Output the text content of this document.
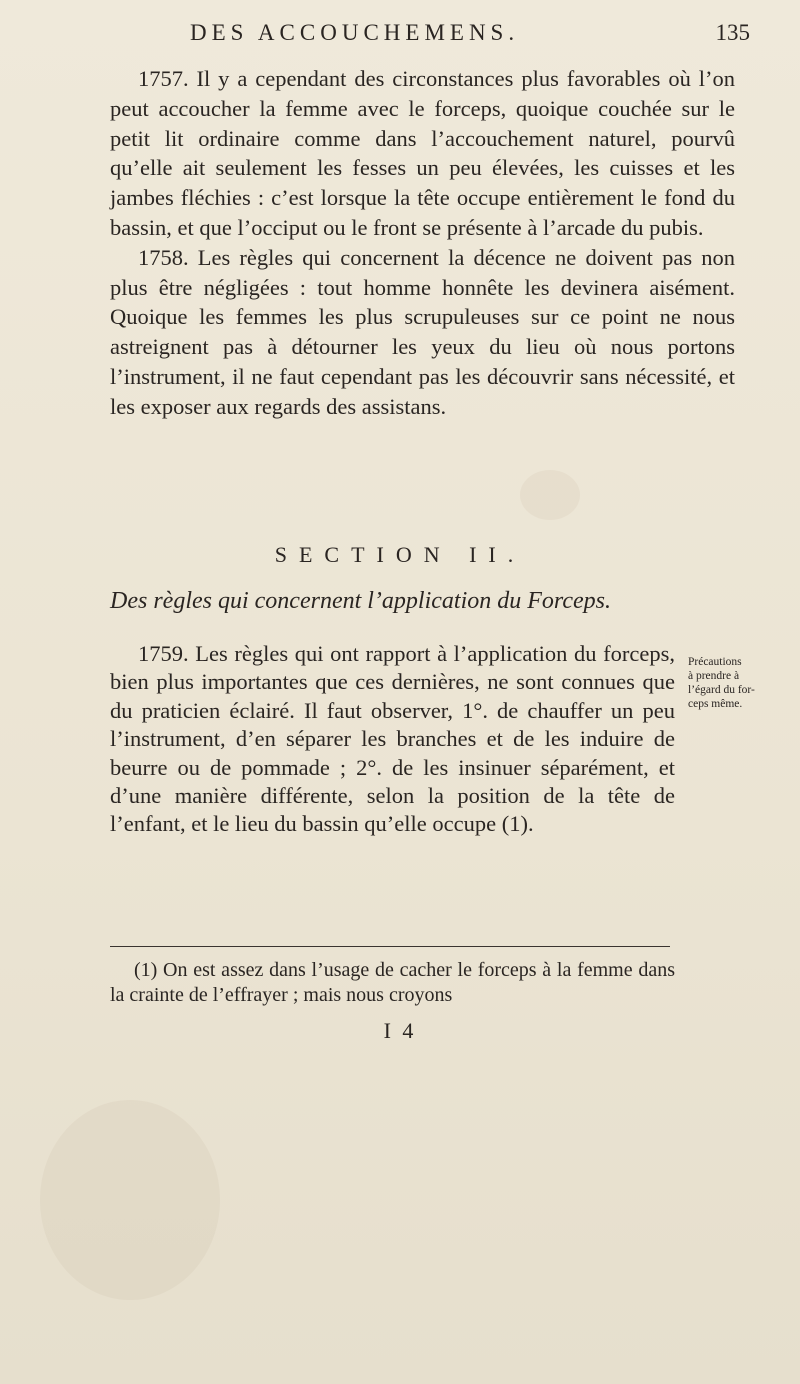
DES ACCOUCHEMENS.	135

1757. Il y a cependant des circonstances plus favorables où l’on peut accoucher la femme avec le forceps, quoique couchée sur le petit lit ordinaire comme dans l’accouchement naturel, pourvû qu’elle ait seulement les fesses un peu élevées, les cuisses et les jambes fléchies : c’est lorsque la tête occupe entièrement le fond du bassin, et que l’occiput ou le front se présente à l’arcade du pubis.

1758. Les règles qui concernent la décence ne doivent pas non plus être négligées : tout homme honnête les devinera aisément. Quoique les femmes les plus scrupuleuses sur ce point ne nous astreignent pas à détourner les yeux du lieu où nous portons l’instrument, il ne faut cependant pas les découvrir sans nécessité, et les exposer aux regards des assistans.

SECTION II.
Des règles qui concernent l’application du Forceps.

1759. Les règles qui ont rapport à l’application du forceps, bien plus importantes que ces dernières, ne sont connues que du praticien éclairé. Il faut observer, 1°. de chauffer un peu l’instrument, d’en séparer les branches et de les induire de beurre ou de pommade ; 2°. de les insinuer séparément, et d’une manière différente, selon la position de la tête de l’enfant, et le lieu du bassin qu’elle occupe (1).

Précautions
à prendre à
l’égard du for-
ceps même.

(1) On est assez dans l’usage de cacher le forceps à la femme dans la crainte de l’effrayer ; mais nous croyons

I 4
